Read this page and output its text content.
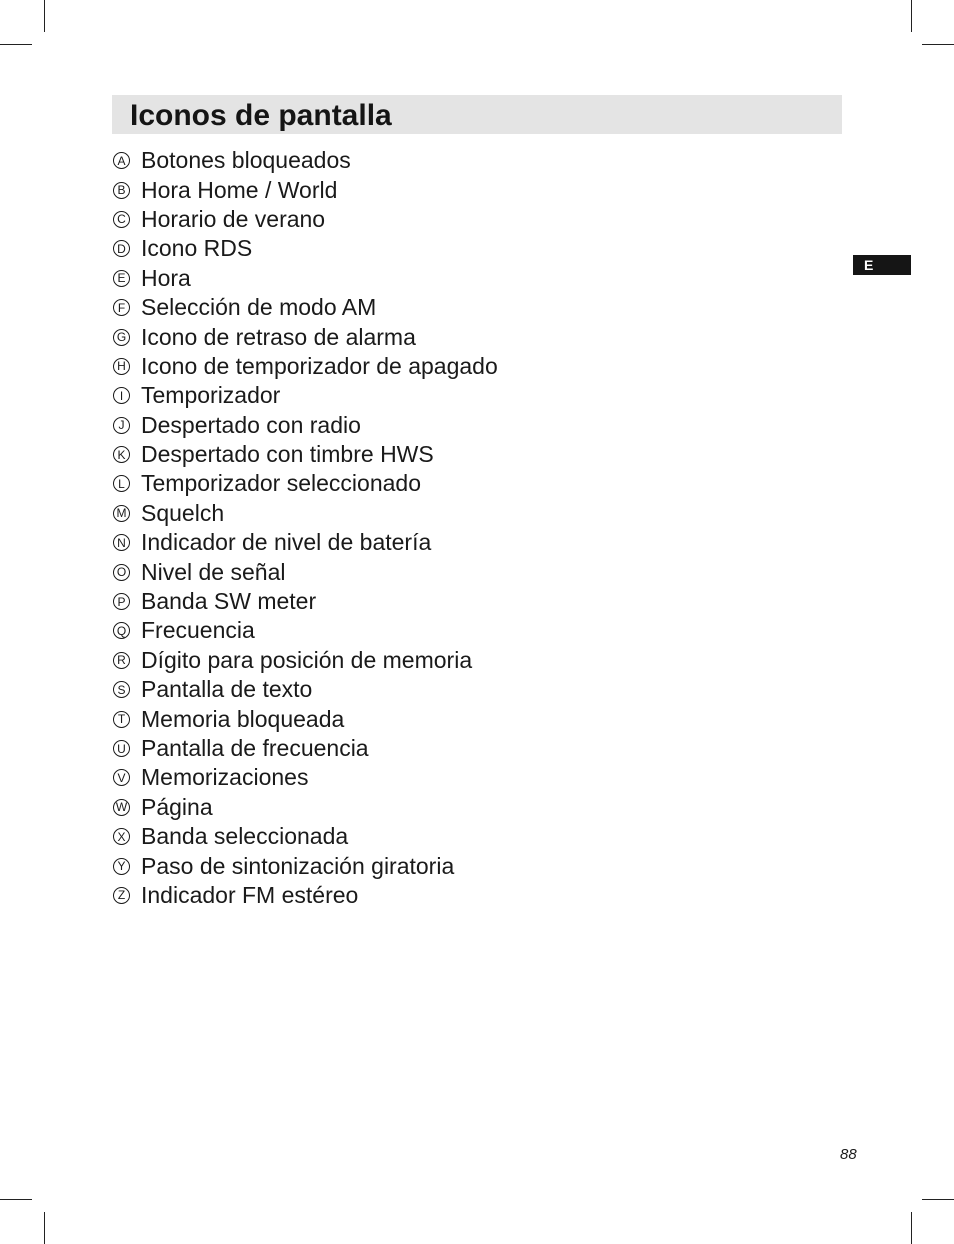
Iconos de pantalla
E
A Botones bloqueados
B Hora Home / World
C Horario de verano
D Icono RDS
E Hora
F Selección de modo AM
G Icono de retraso de alarma
H Icono de temporizador de apagado
I Temporizador
J Despertado con radio
K Despertado con timbre HWS
L Temporizador seleccionado
M Squelch
N Indicador de nivel de batería
O Nivel de señal
P Banda SW meter
Q Frecuencia
R Dígito para posición de memoria
S Pantalla de texto
T Memoria bloqueada
U Pantalla de frecuencia
V Memorizaciones
W Página
X Banda seleccionada
Y Paso de sintonización giratoria
Z Indicador FM estéreo
88
